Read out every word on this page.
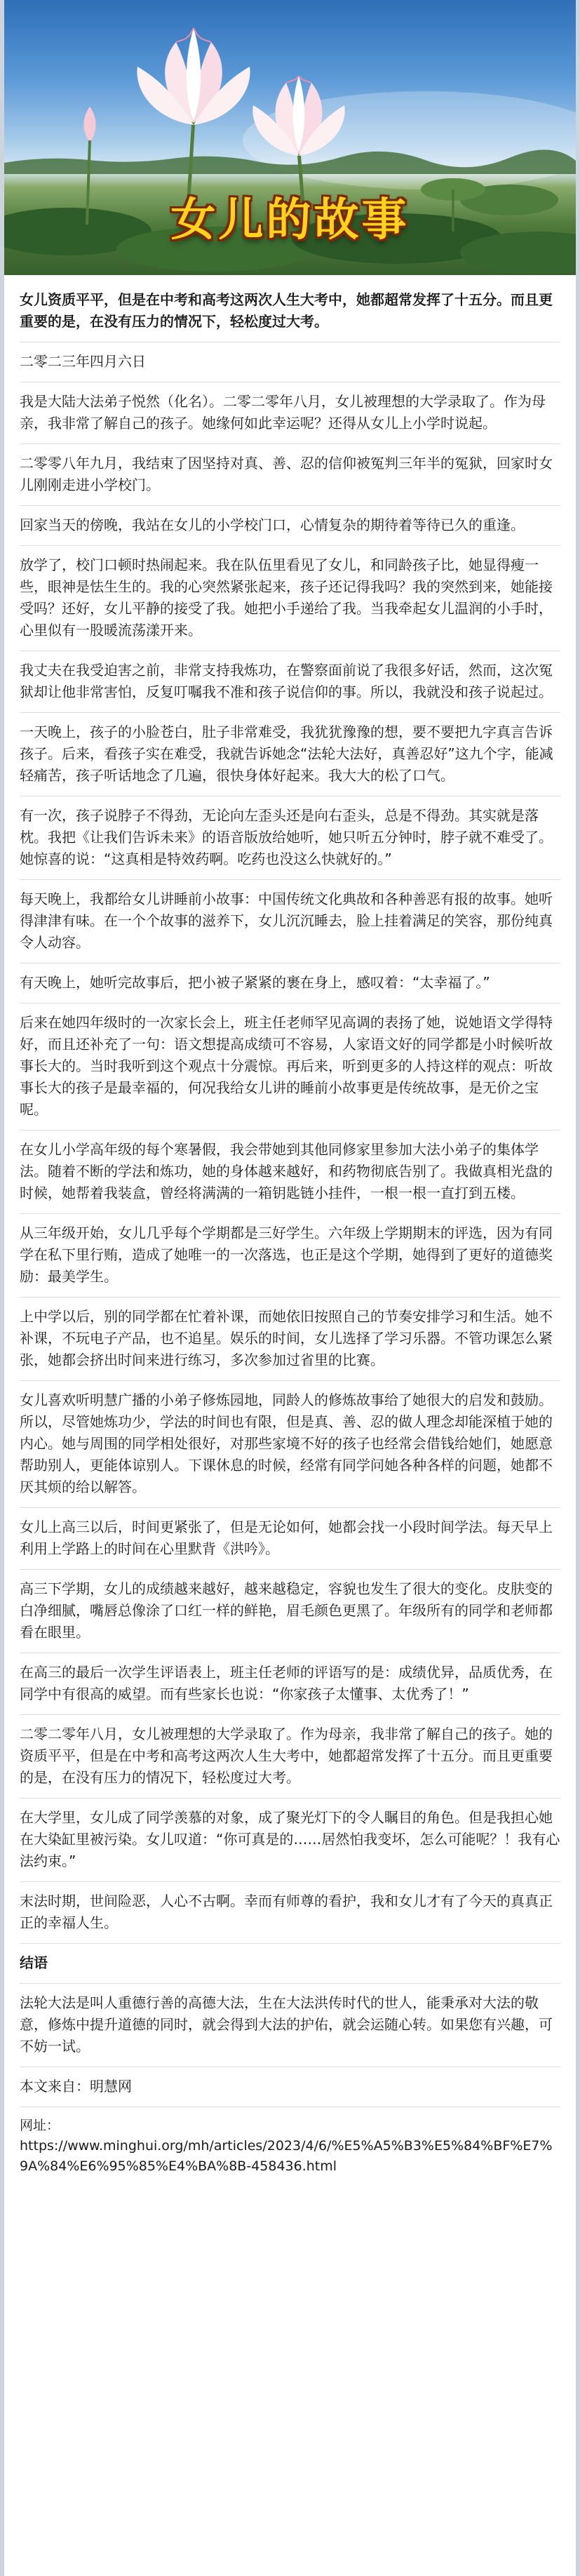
女儿的故事

女儿资质平平，但是在中考和高考这两次人生大考中，她都超常发挥了十五分。而且更重要的是，在没有压力的情况下，轻松度过大考。

二零二三年四月六日

我是大陆大法弟子悦然（化名）。二零二零年八月，女儿被理想的大学录取了。作为母亲，我非常了解自己的孩子。她缘何如此幸运呢？还得从女儿上小学时说起。

二零零八年九月，我结束了因坚持对真、善、忍的信仰被冤判三年半的冤狱，回家时女儿刚刚走进小学校门。

回家当天的傍晚，我站在女儿的小学校门口，心情复杂的期待着等待已久的重逢。

放学了，校门口顿时热闹起来。我在队伍里看见了女儿，和同龄孩子比，她显得瘦一些，眼神是怯生生的。我的心突然紧张起来，孩子还记得我吗？我的突然到来，她能接受吗？还好，女儿平静的接受了我。她把小手递给了我。当我牵起女儿温润的小手时，心里似有一股暖流荡漾开来。

我丈夫在我受迫害之前，非常支持我炼功，在警察面前说了我很多好话，然而，这次冤狱却让他非常害怕，反复叮嘱我不准和孩子说信仰的事。所以，我就没和孩子说起过。

一天晚上，孩子的小脸苍白，肚子非常难受，我犹犹豫豫的想，要不要把九字真言告诉孩子。后来，看孩子实在难受，我就告诉她念“法轮大法好，真善忍好”这九个字，能减轻痛苦，孩子听话地念了几遍，很快身体好起来。我大大的松了口气。

有一次，孩子说脖子不得劲，无论向左歪头还是向右歪头，总是不得劲。其实就是落枕。我把《让我们告诉未来》的语音版放给她听，她只听五分钟时，脖子就不难受了。她惊喜的说：“这真相是特效药啊。吃药也没这么快就好的。”

每天晚上，我都给女儿讲睡前小故事：中国传统文化典故和各种善恶有报的故事。她听得津津有味。在一个个故事的滋养下，女儿沉沉睡去，脸上挂着满足的笑容，那份纯真令人动容。

有天晚上，她听完故事后，把小被子紧紧的裹在身上，感叹着：“太幸福了。”

后来在她四年级时的一次家长会上，班主任老师罕见高调的表扬了她，说她语文学得特好，而且还补充了一句：语文想提高成绩可不容易，人家语文好的同学都是小时候听故事长大的。当时我听到这个观点十分震惊。再后来，听到更多的人持这样的观点：听故事长大的孩子是最幸福的，何况我给女儿讲的睡前小故事更是传统故事，是无价之宝呢。

在女儿小学高年级的每个寒暑假，我会带她到其他同修家里参加大法小弟子的集体学法。随着不断的学法和炼功，她的身体越来越好，和药物彻底告别了。我做真相光盘的时候，她帮着我装盒，曾经将满满的一箱钥匙链小挂件，一根一根一直打到五楼。

从三年级开始，女儿几乎每个学期都是三好学生。六年级上学期期末的评选，因为有同学在私下里行贿，造成了她唯一的一次落选，也正是这个学期，她得到了更好的道德奖励：最美学生。

上中学以后，别的同学都在忙着补课，而她依旧按照自己的节奏安排学习和生活。她不补课，不玩电子产品，也不追星。娱乐的时间，女儿选择了学习乐器。不管功课怎么紧张，她都会挤出时间来进行练习，多次参加过省里的比赛。

女儿喜欢听明慧广播的小弟子修炼园地，同龄人的修炼故事给了她很大的启发和鼓励。所以，尽管她炼功少，学法的时间也有限，但是真、善、忍的做人理念却能深植于她的内心。她与周围的同学相处很好，对那些家境不好的孩子也经常会借钱给她们，她愿意帮助别人，更能体谅别人。下课休息的时候，经常有同学问她各种各样的问题，她都不厌其烦的给以解答。

女儿上高三以后，时间更紧张了，但是无论如何，她都会找一小段时间学法。每天早上利用上学路上的时间在心里默背《洪吟》。

高三下学期，女儿的成绩越来越好，越来越稳定，容貌也发生了很大的变化。皮肤变的白净细腻，嘴唇总像涂了口红一样的鲜艳，眉毛颜色更黑了。年级所有的同学和老师都看在眼里。

在高三的最后一次学生评语表上，班主任老师的评语写的是：成绩优异，品质优秀，在同学中有很高的威望。而有些家长也说：“你家孩子太懂事、太优秀了！”

二零二零年八月，女儿被理想的大学录取了。作为母亲，我非常了解自己的孩子。她的资质平平，但是在中考和高考这两次人生大考中，她都超常发挥了十五分。而且更重要的是，在没有压力的情况下，轻松度过大考。

在大学里，女儿成了同学羡慕的对象，成了聚光灯下的令人瞩目的角色。但是我担心她在大染缸里被污染。女儿叹道：“你可真是的……居然怕我变坏，怎么可能呢？！我有心法约束。”

末法时期，世间险恶，人心不古啊。幸而有师尊的看护，我和女儿才有了今天的真真正正的幸福人生。

结语

法轮大法是叫人重德行善的高德大法，生在大法洪传时代的世人，能秉承对大法的敬意，修炼中提升道德的同时，就会得到大法的护佑，就会运随心转。如果您有兴趣，可不妨一试。

本文来自：明慧网

网址：
https://www.minghui.org/mh/articles/2023/4/6/%E5%A5%B3%E5%84%BF%E7%9A%84%E6%95%85%E4%BA%8B-458436.html
